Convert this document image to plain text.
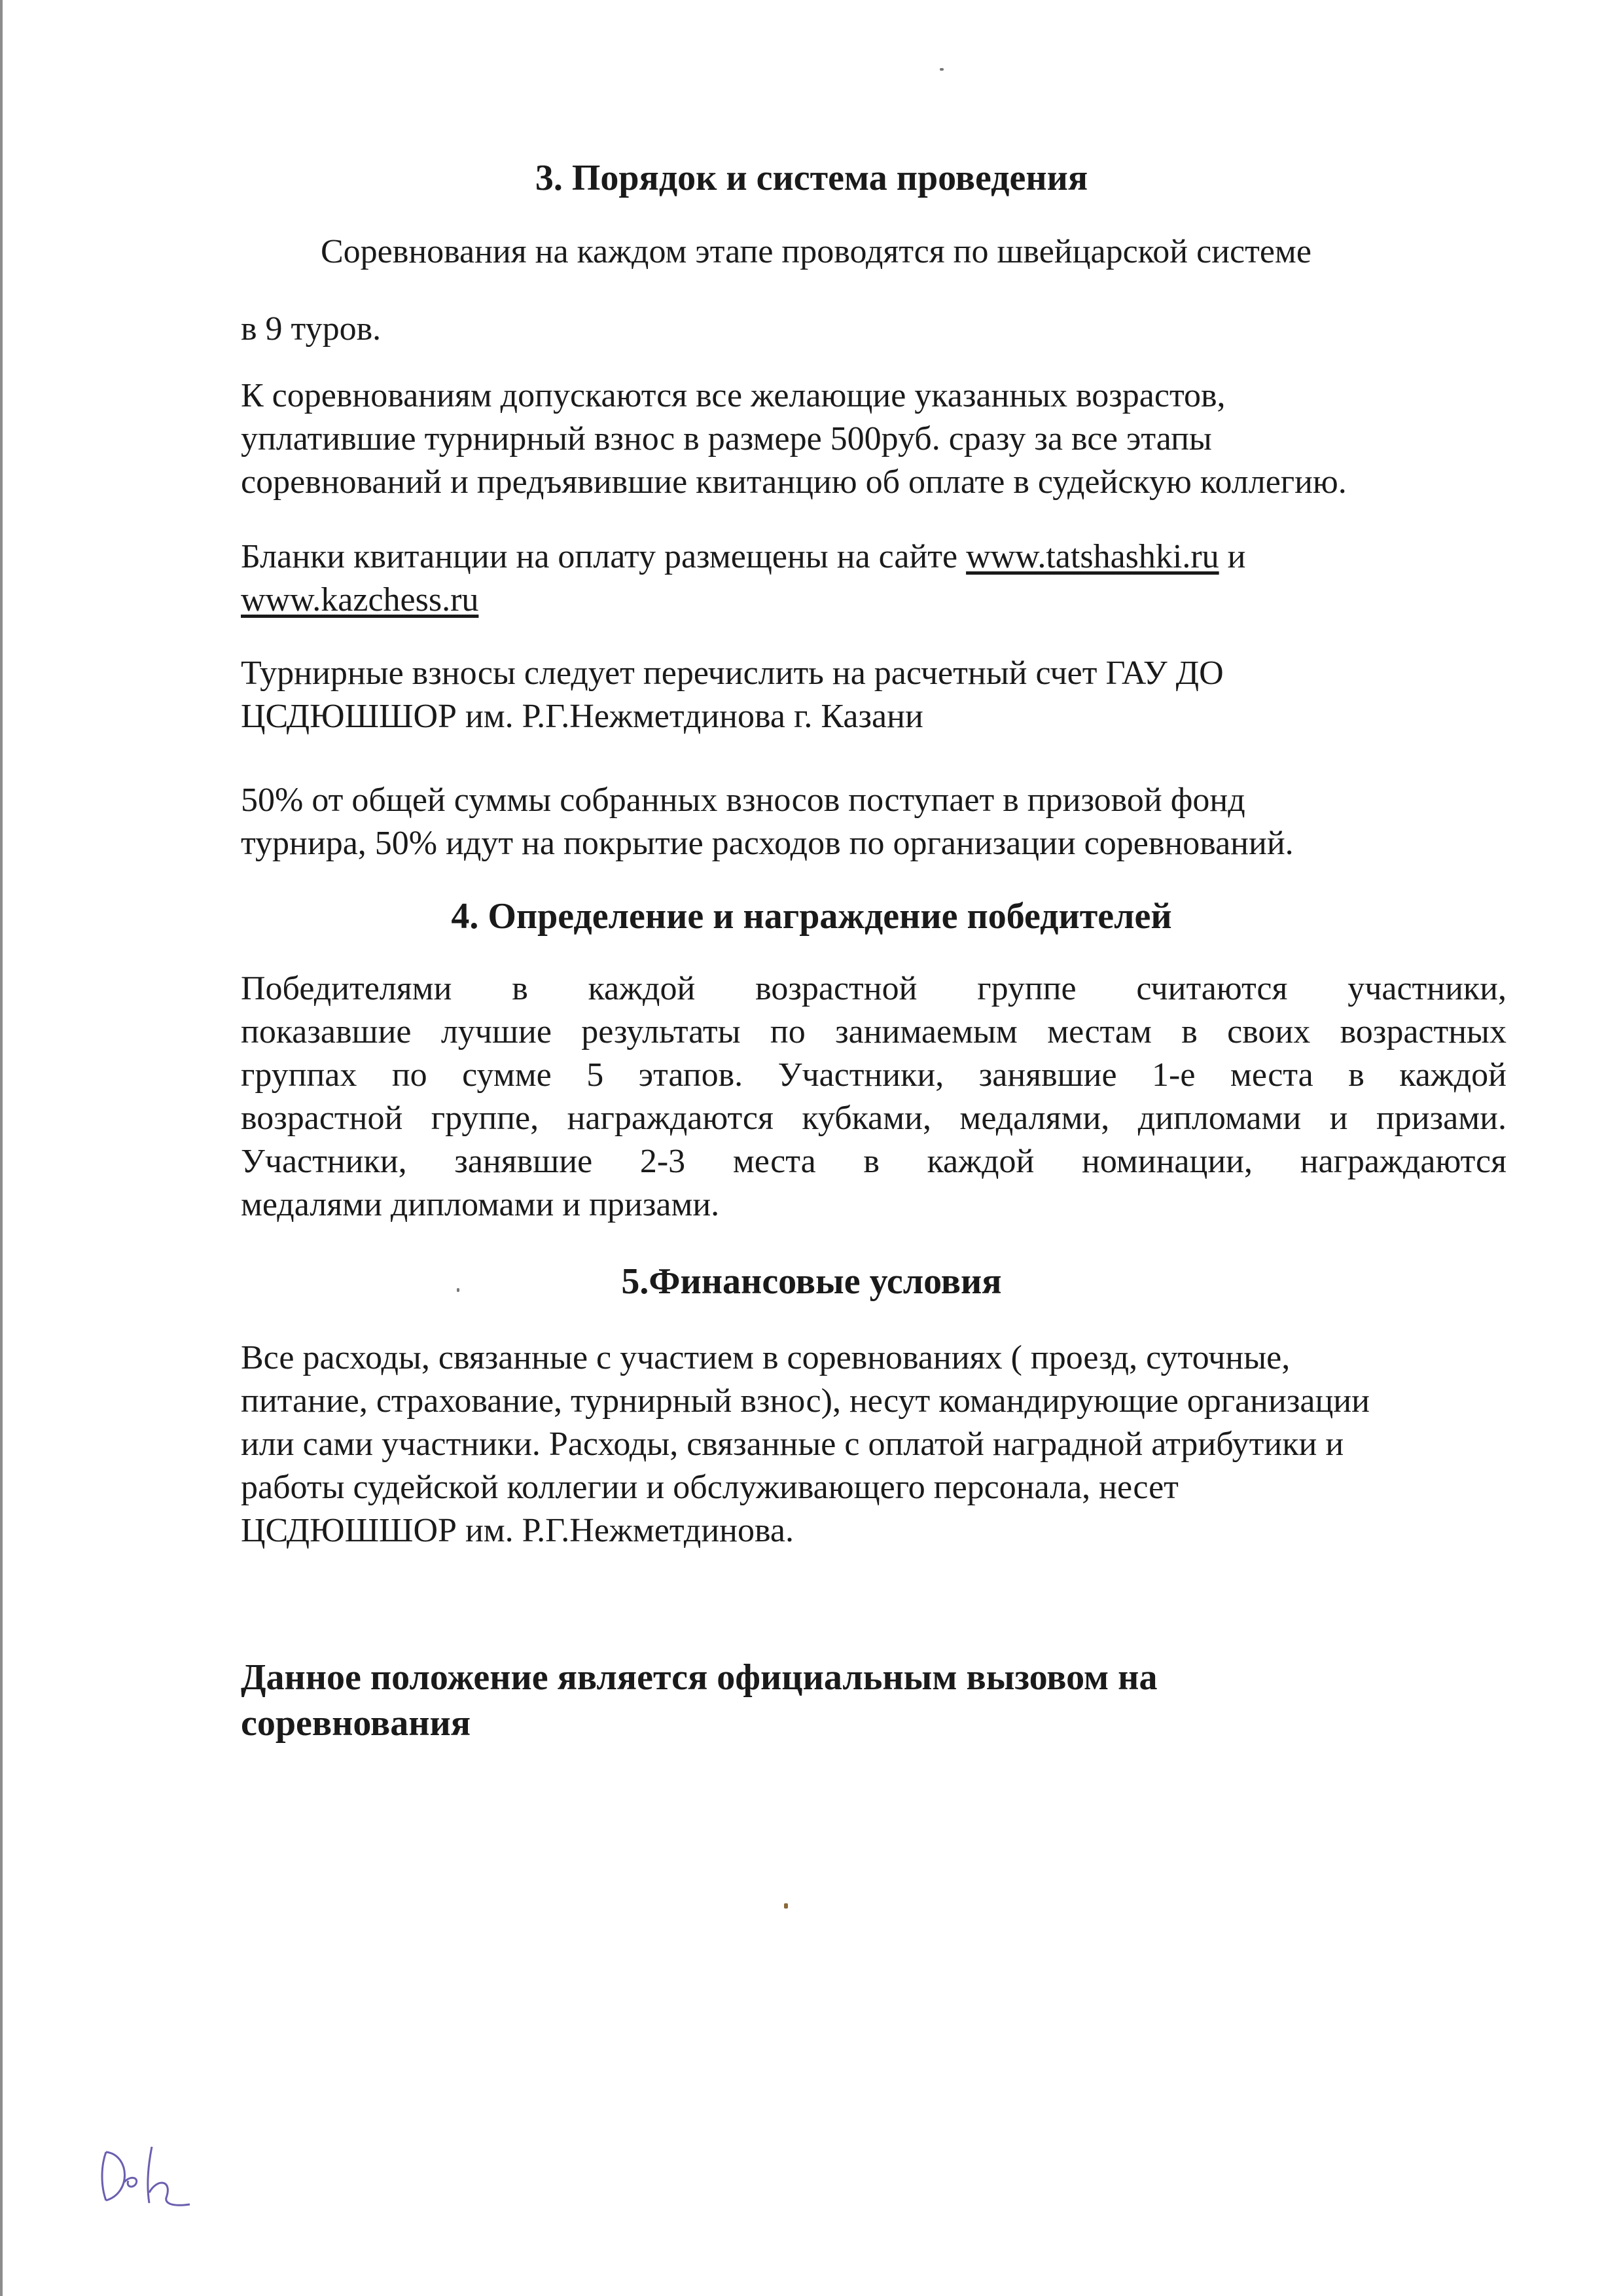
3. Порядок и система проведения
Соревнования на каждом этапе проводятся по швейцарской системе
в 9 туров.
К соревнованиям допускаются все желающие указанных возрастов,
уплатившие турнирный взнос в размере 500руб. сразу за все этапы
соревнований и предъявившие квитанцию об оплате в судейскую коллегию.
Бланки квитанции на оплату размещены на сайте www.tatshashki.ru и
www.kazchess.ru
Турнирные взносы следует перечислить на расчетный счет ГАУ ДО
ЦСДЮШШОР им. Р.Г.Нежметдинова г. Казани
50% от общей суммы собранных взносов поступает в призовой фонд
турнира, 50% идут на покрытие расходов по организации соревнований.
4. Определение и награждение победителей
Победителями в каждой возрастной группе считаются участники,
показавшие лучшие результаты по занимаемым местам в своих возрастных
группах по сумме 5 этапов. Участники, занявшие 1-е места в каждой
возрастной группе, награждаются кубками, медалями, дипломами и призами.
Участники, занявшие 2-3 места в каждой номинации, награждаются
медалями дипломами и призами.
5.Финансовые условия
Все расходы, связанные с участием в соревнованиях ( проезд, суточные,
питание, страхование, турнирный взнос), несут командирующие организации
или сами участники. Расходы, связанные с оплатой наградной атрибутики и
работы судейской коллегии и обслуживающего персонала, несет
ЦСДЮШШОР им. Р.Г.Нежметдинова.
Данное положение является официальным вызовом на
соревнования
